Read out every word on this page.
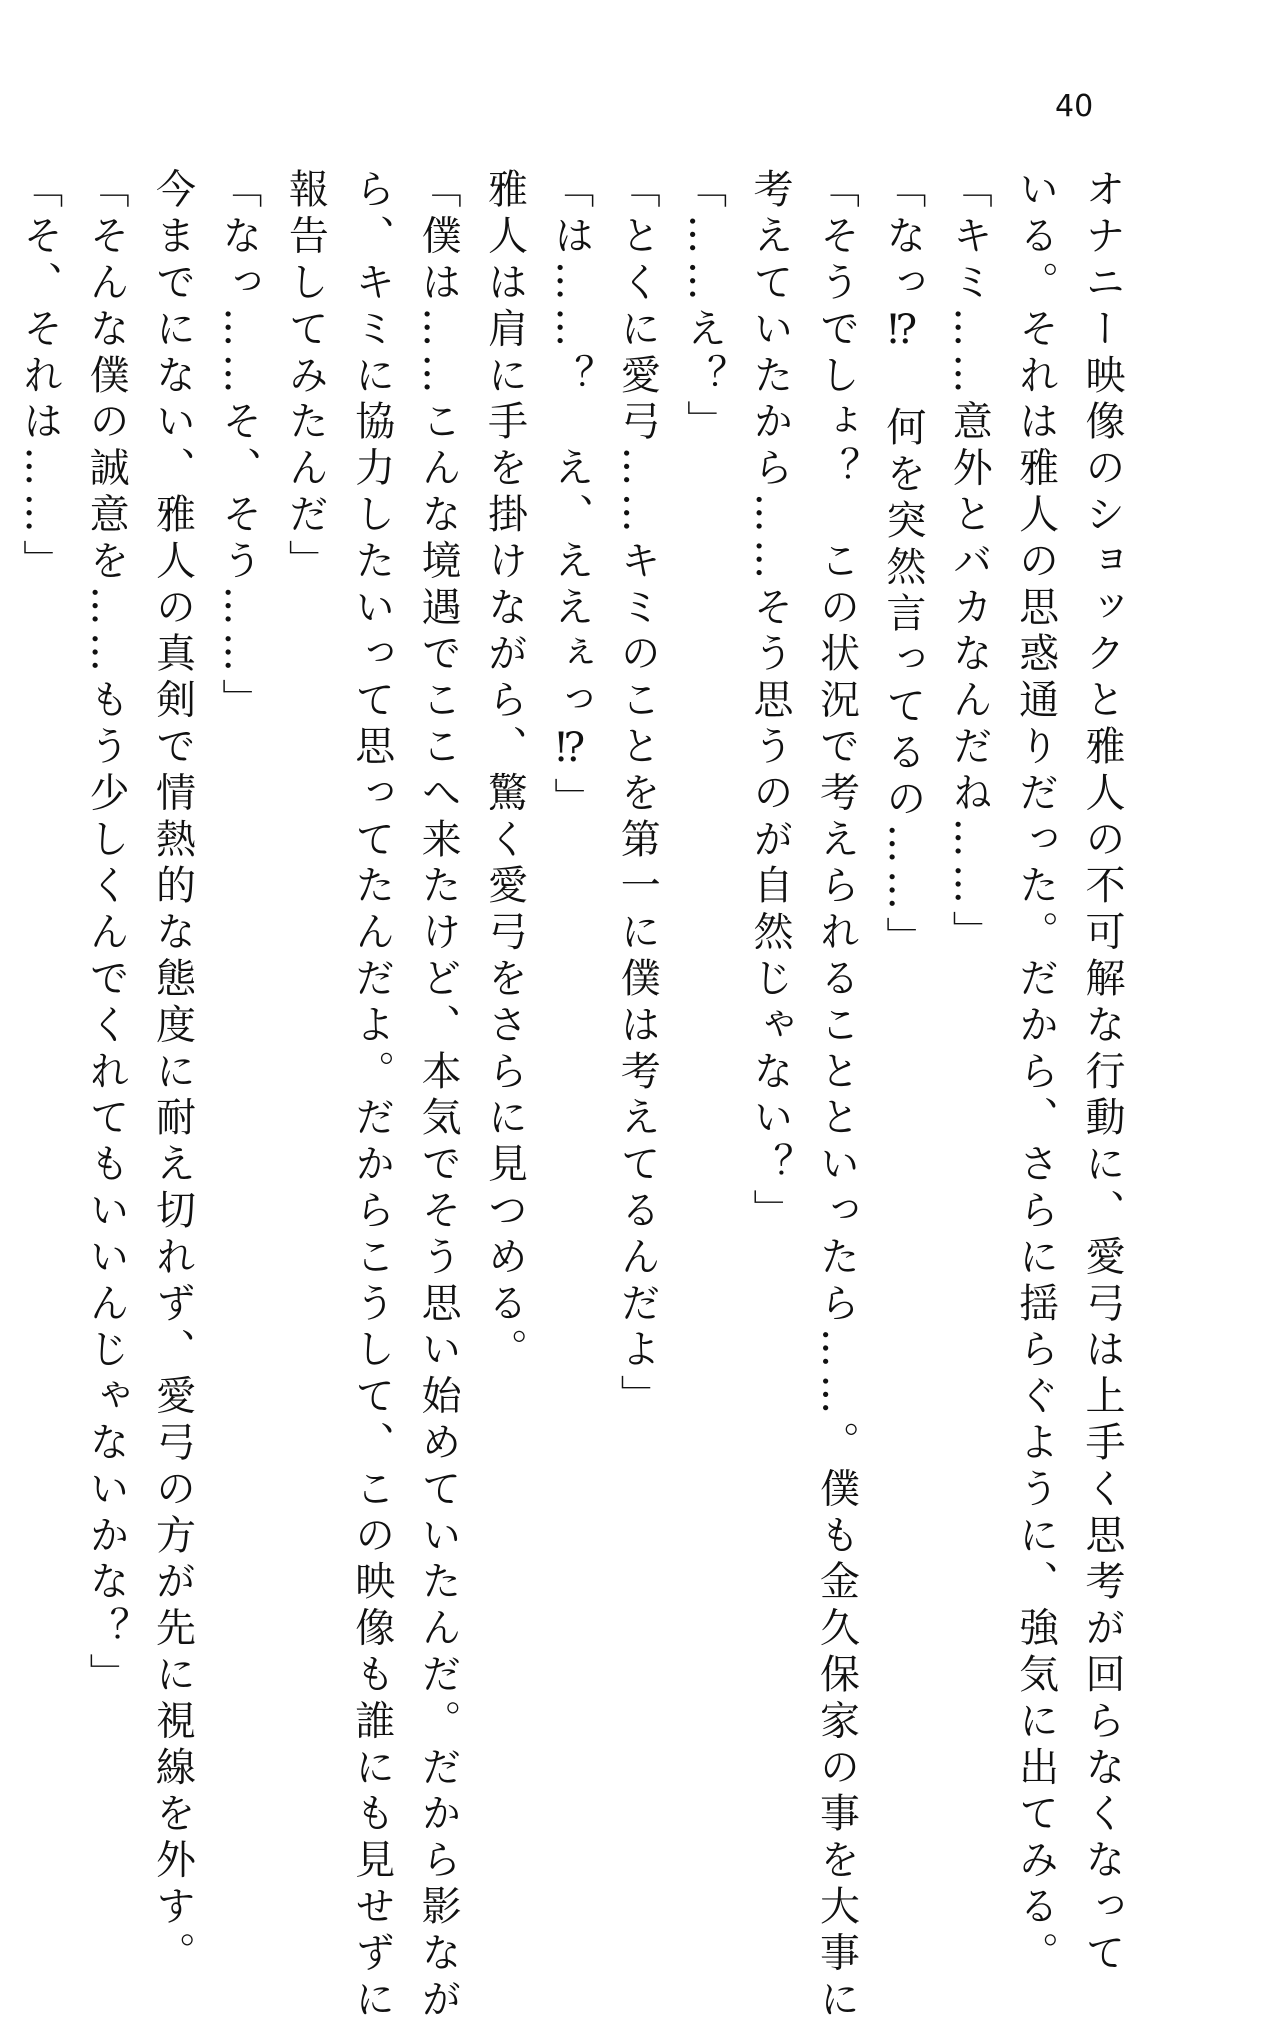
40
オナニー映像のショックと雅人の不可解な行動に、愛弓は上手く思考が回らなくなって
いる。それは雅人の思惑通りだった。だから、さらに揺らぐように、強気に出てみる。
「キミ……意外とバカなんだね……」
「なっ⁉　何を突然言ってるの……」
「そうでしょ？　この状況で考えられることといったら……。僕も金久保家の事を大事に
考えていたから……そう思うのが自然じゃない？」
「……え？」
「とくに愛弓……キミのことを第一に僕は考えてるんだよ」
「は……？　え、ええぇっ⁉」
雅人は肩に手を掛けながら、驚く愛弓をさらに見つめる。
「僕は……こんな境遇でここへ来たけど、本気でそう思い始めていたんだ。だから影なが
ら、キミに協力したいって思ってたんだよ。だからこうして、この映像も誰にも見せずに
報告してみたんだ」
「なっ……そ、そう……」
今までにない、雅人の真剣で情熱的な態度に耐え切れず、愛弓の方が先に視線を外す。
「そんな僕の誠意を……もう少しくんでくれてもいいんじゃないかな？」
「そ、それは……」
